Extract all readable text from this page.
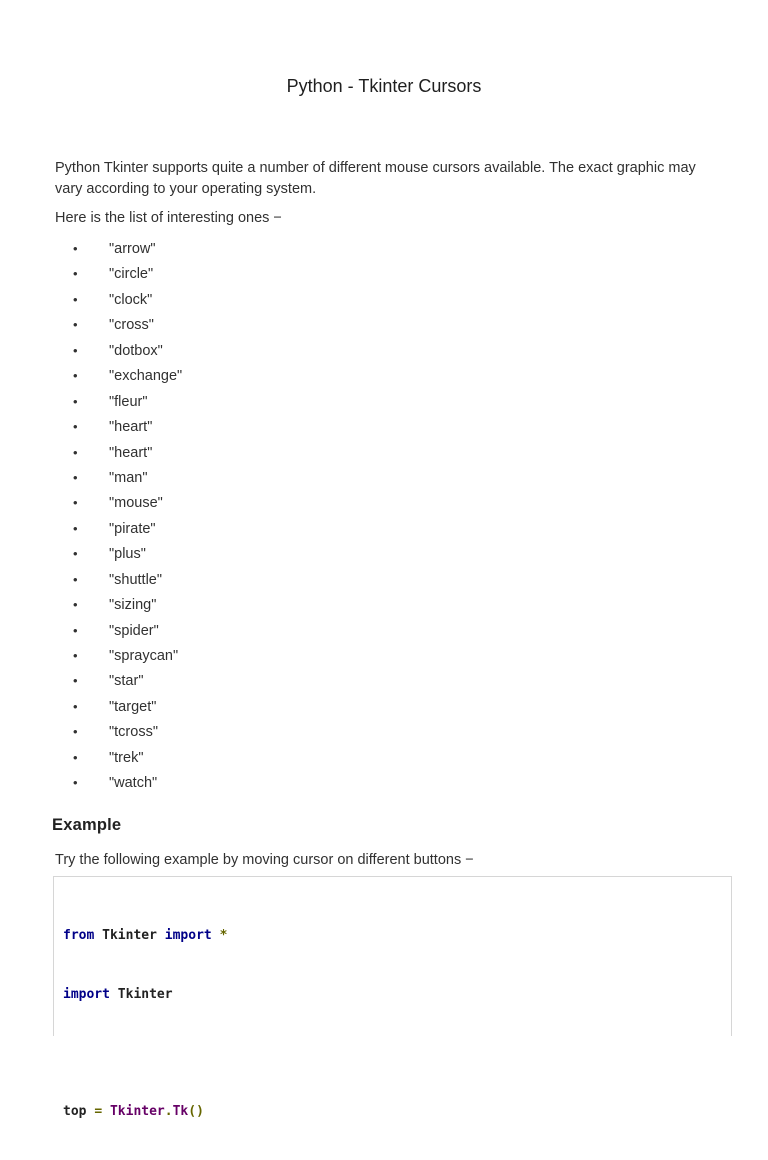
Python - Tkinter Cursors

Python Tkinter supports quite a number of different mouse cursors available. The exact graphic may vary according to your operating system.

Here is the list of interesting ones −

• "arrow"
• "circle"
• "clock"
• "cross"
• "dotbox"
• "exchange"
• "fleur"
• "heart"
• "heart"
• "man"
• "mouse"
• "pirate"
• "plus"
• "shuttle"
• "sizing"
• "spider"
• "spraycan"
• "star"
• "target"
• "tcross"
• "trek"
• "watch"
Example

Try the following example by moving cursor on different buttons −

from Tkinter import *

import Tkinter

top = Tkinter.Tk()
